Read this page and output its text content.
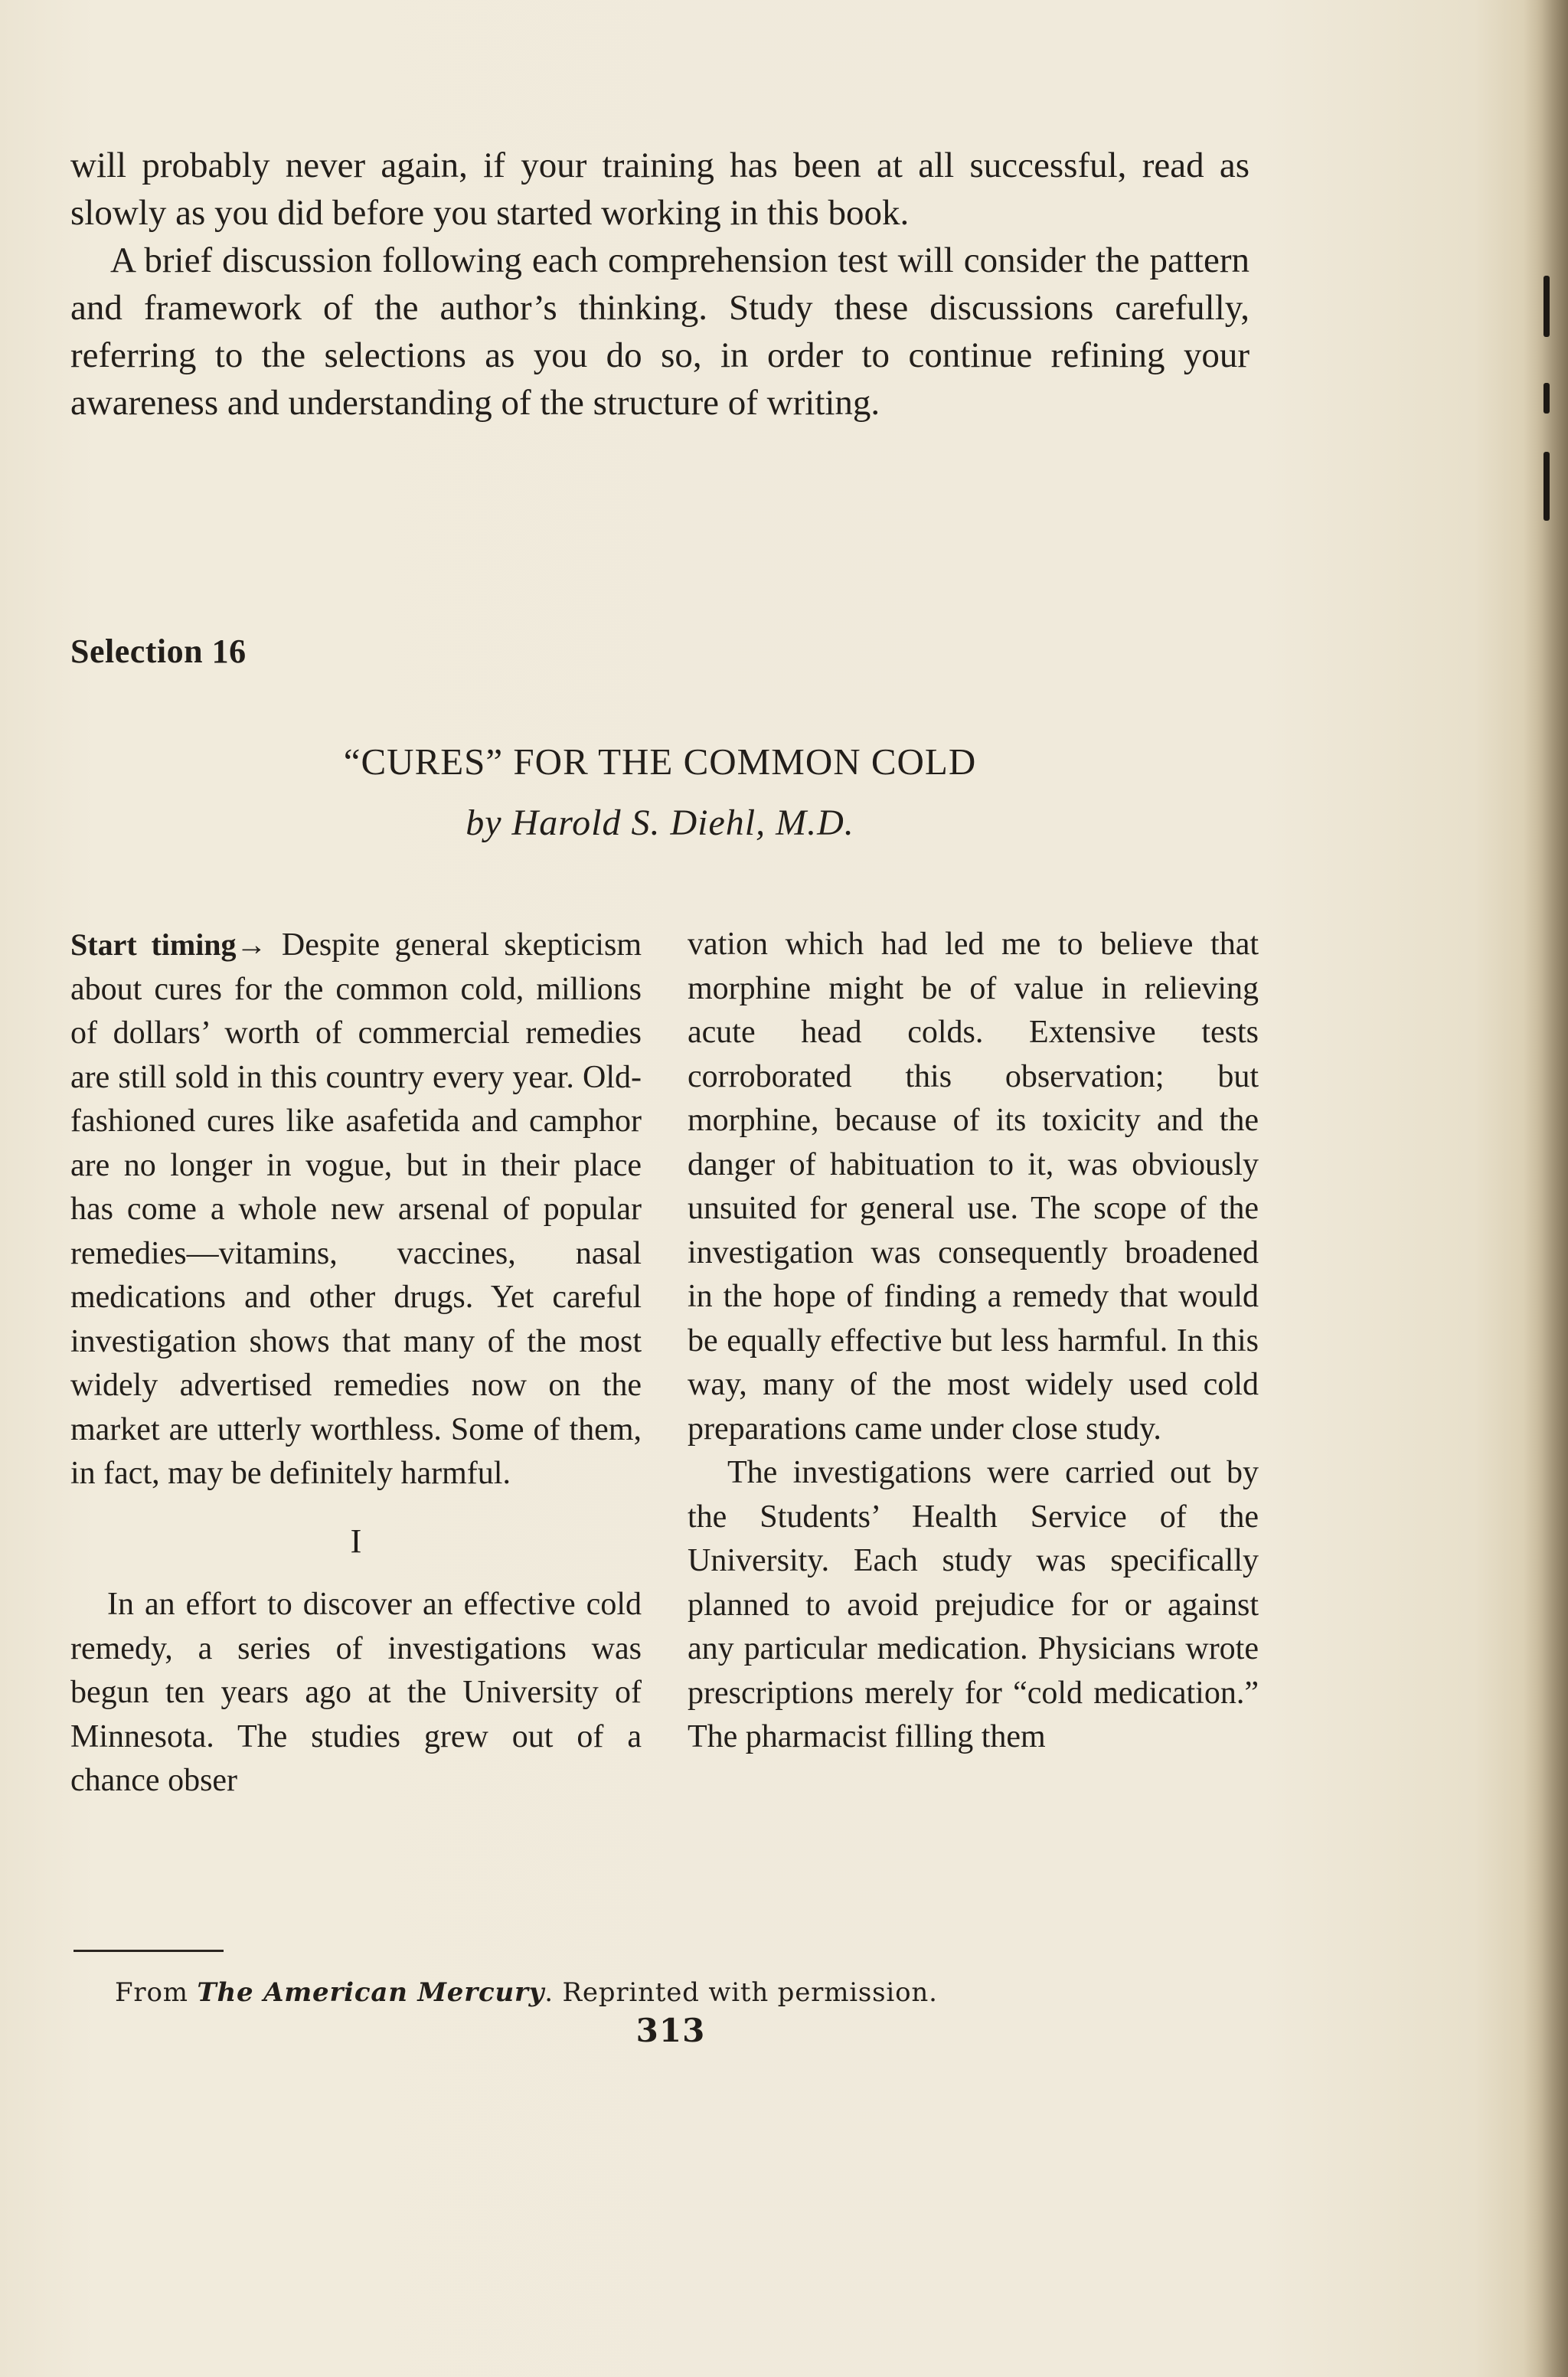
will probably never again, if your training has been at all successful, read as slowly as you did before you started working in this book.

A brief discussion following each comprehension test will consider the pattern and framework of the author’s thinking. Study these discussions carefully, referring to the selections as you do so, in order to continue refining your awareness and understanding of the structure of writing.

Selection 16
“CURES” FOR THE COMMON COLD
by Harold S. Diehl, M.D.

Start timing→ Despite general skepticism about cures for the common cold, millions of dollars’ worth of commercial remedies are still sold in this country every year. Old-fashioned cures like asafetida and camphor are no longer in vogue, but in their place has come a whole new arsenal of popular remedies—vitamins, vaccines, nasal medications and other drugs. Yet careful investigation shows that many of the most widely advertised remedies now on the market are utterly worthless. Some of them, in fact, may be definitely harmful.

I

In an effort to discover an effective cold remedy, a series of investigations was begun ten years ago at the University of Minnesota. The studies grew out of a chance obser

vation which had led me to believe that morphine might be of value in relieving acute head colds. Extensive tests corroborated this observation; but morphine, because of its toxicity and the danger of habituation to it, was obviously unsuited for general use. The scope of the investigation was consequently broadened in the hope of finding a remedy that would be equally effective but less harmful. In this way, many of the most widely used cold preparations came under close study.

The investigations were carried out by the Students’ Health Service of the University. Each study was specifically planned to avoid prejudice for or against any particular medication. Physicians wrote prescriptions merely for “cold medication.” The pharmacist filling them

From The American Mercury. Reprinted with permission.
313
